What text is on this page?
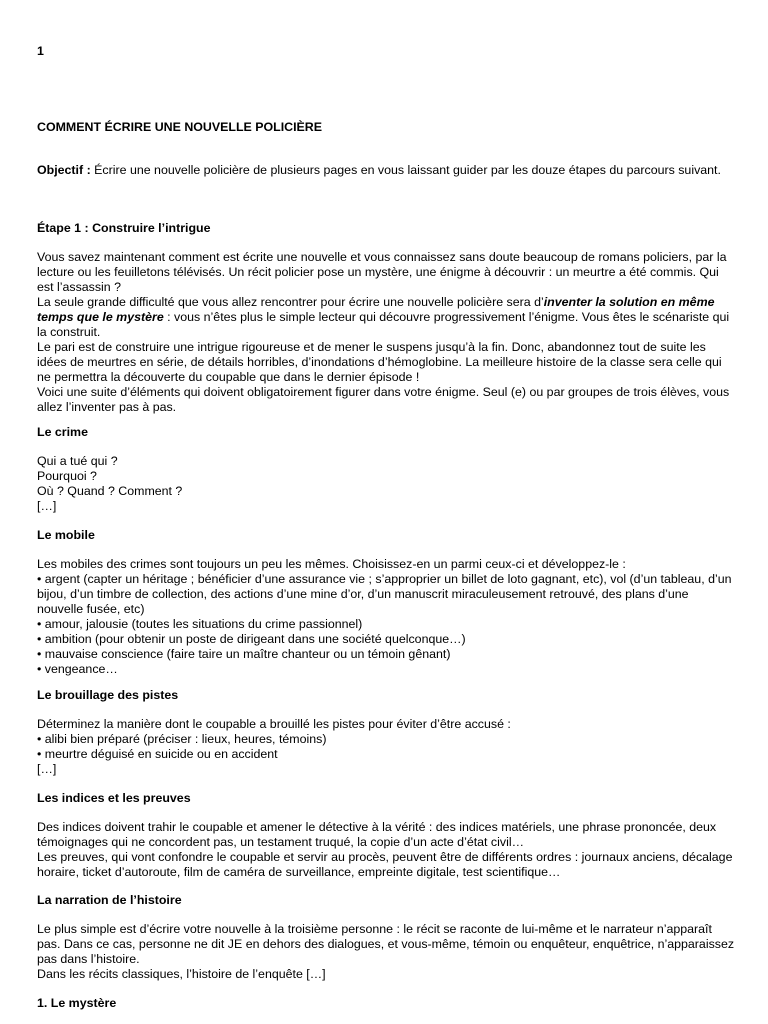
1
COMMENT ÉCRIRE UNE NOUVELLE POLICIÈRE
Objectif : Écrire une nouvelle policière de plusieurs pages en vous laissant guider par les douze étapes du parcours suivant.
Étape 1 : Construire l’intrigue

Vous savez maintenant comment est écrite une nouvelle et vous connaissez sans doute beaucoup de romans policiers, par la lecture ou les feuilletons télévisés. Un récit policier pose un mystère, une énigme à découvrir : un meurtre a été commis. Qui est l’assassin ?

La seule grande difficulté que vous allez rencontrer pour écrire une nouvelle policière sera d’inventer la solution en même temps que le mystère : vous n’êtes plus le simple lecteur qui découvre progressivement l’énigme. Vous êtes le scénariste qui la construit.

Le pari est de construire une intrigue rigoureuse et de mener le suspens jusqu’à la fin. Donc, abandonnez tout de suite les idées de meurtres en série, de détails horribles, d’inondations d’hémoglobine. La meilleure histoire de la classe sera celle qui ne permettra la découverte du coupable que dans le dernier épisode !

Voici une suite d’éléments qui doivent obligatoirement figurer dans votre énigme. Seul (e) ou par groupes de trois élèves, vous allez l’inventer pas à pas.

Le crime

Qui a tué qui ?

Pourquoi ?

Où ? Quand ? Comment ?

[…]

Le mobile

Les mobiles des crimes sont toujours un peu les mêmes. Choisissez-en un parmi ceux-ci et développez-le :

• argent (capter un héritage ; bénéficier d’une assurance vie ; s’approprier un billet de loto gagnant, etc), vol (d’un tableau, d’un bijou, d’un timbre de collection, des actions d’une mine d’or, d’un manuscrit miraculeusement retrouvé, des plans d’une nouvelle fusée, etc)

• amour, jalousie (toutes les situations du crime passionnel)

• ambition (pour obtenir un poste de dirigeant dans une société quelconque…)

• mauvaise conscience (faire taire un maître chanteur ou un témoin gênant)

• vengeance…

Le brouillage des pistes

Déterminez la manière dont le coupable a brouillé les pistes pour éviter d’être accusé :

• alibi bien préparé (préciser : lieux, heures, témoins)

• meurtre déguisé en suicide ou en accident

[…]

Les indices et les preuves

Des indices doivent trahir le coupable et amener le détective à la vérité : des indices matériels, une phrase prononcée, deux témoignages qui ne concordent pas, un testament truqué, la copie d’un acte d’état civil…

Les preuves, qui vont confondre le coupable et servir au procès, peuvent être de différents ordres : journaux anciens, décalage horaire, ticket d’autoroute, film de caméra de surveillance, empreinte digitale, test scientifique…

La narration de l’histoire

Le plus simple est d’écrire votre nouvelle à la troisième personne : le récit se raconte de lui-même et le narrateur n’apparaît pas. Dans ce cas, personne ne dit JE en dehors des dialogues, et vous-même, témoin ou enquêteur, enquêtrice, n’apparaissez pas dans l’histoire.

Dans les récits classiques, l’histoire de l’enquête […]

1. Le mystère
